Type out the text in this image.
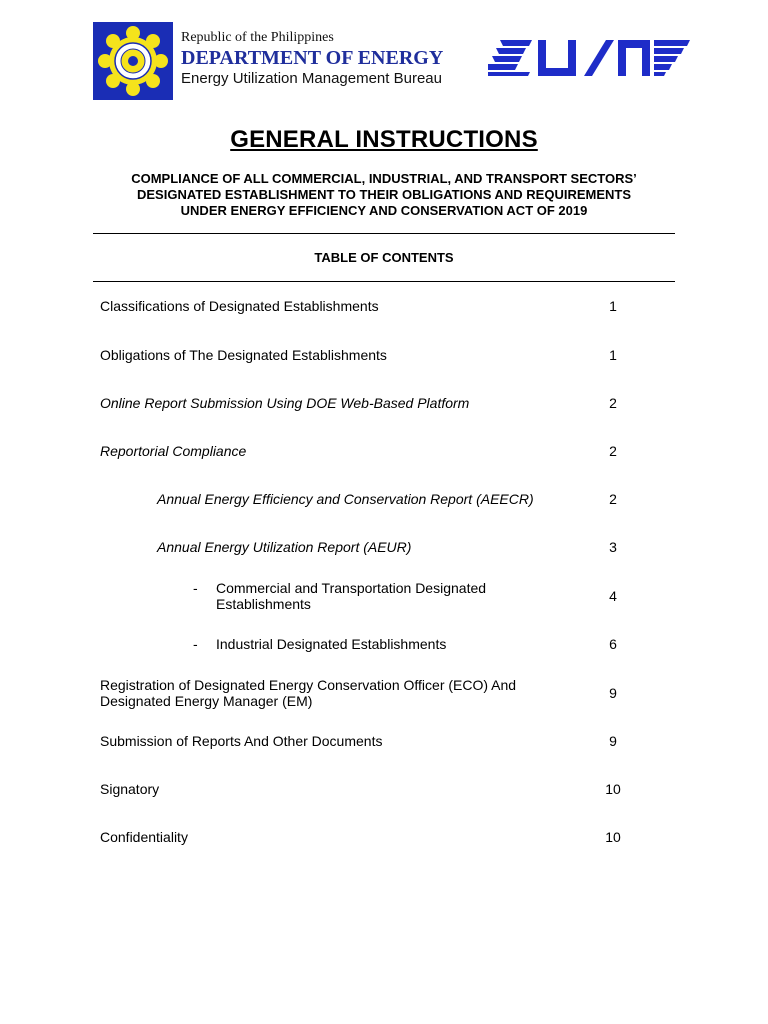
Republic of the Philippines
DEPARTMENT OF ENERGY
Energy Utilization Management Bureau
GENERAL INSTRUCTIONS
COMPLIANCE OF ALL COMMERCIAL, INDUSTRIAL, AND TRANSPORT SECTORS’
DESIGNATED ESTABLISHMENT TO THEIR OBLIGATIONS AND REQUIREMENTS
UNDER ENERGY EFFICIENCY AND CONSERVATION ACT OF 2019
TABLE OF CONTENTS
Classifications of Designated Establishments	1
Obligations of The Designated Establishments	1
Online Report Submission Using DOE Web-Based Platform	2
Reportorial Compliance	2
Annual Energy Efficiency and Conservation Report (AEECR)	2
Annual Energy Utilization Report (AEUR)	3
- Commercial and Transportation Designated
Establishments	4
- Industrial Designated Establishments	6
Registration of Designated Energy Conservation Officer (ECO) And
Designated Energy Manager (EM)	9
Submission of Reports And Other Documents	9
Signatory	10
Confidentiality	10
